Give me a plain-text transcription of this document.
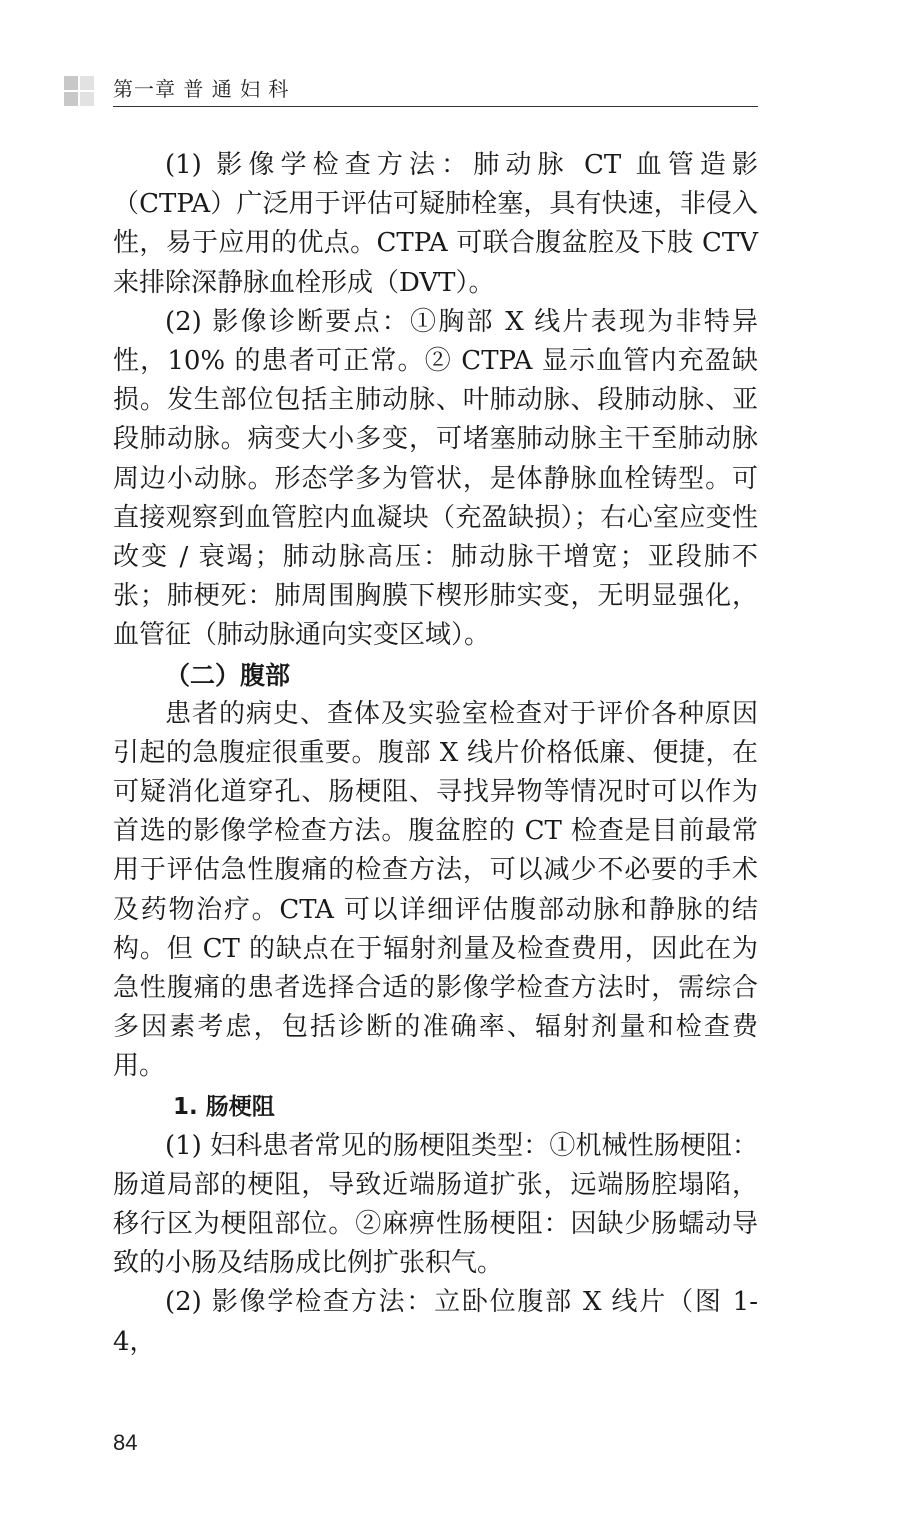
第一章 普 通 妇 科

(1) 影像学检查方法：肺动脉 CT 血管造影（CTPA）广泛用于评估可疑肺栓塞，具有快速，非侵入性，易于应用的优点。CTPA 可联合腹盆腔及下肢 CTV 来排除深静脉血栓形成（DVT）。

(2) 影像诊断要点：①胸部 X 线片表现为非特异性，10% 的患者可正常。② CTPA 显示血管内充盈缺损。发生部位包括主肺动脉、叶肺动脉、段肺动脉、亚段肺动脉。病变大小多变，可堵塞肺动脉主干至肺动脉周边小动脉。形态学多为管状，是体静脉血栓铸型。可直接观察到血管腔内血凝块（充盈缺损）；右心室应变性改变 / 衰竭；肺动脉高压：肺动脉干增宽；亚段肺不张；肺梗死：肺周围胸膜下楔形肺实变，无明显强化，血管征（肺动脉通向实变区域）。

（二）腹部

患者的病史、查体及实验室检查对于评价各种原因引起的急腹症很重要。腹部 X 线片价格低廉、便捷，在可疑消化道穿孔、肠梗阻、寻找异物等情况时可以作为首选的影像学检查方法。腹盆腔的 CT 检查是目前最常用于评估急性腹痛的检查方法，可以减少不必要的手术及药物治疗。CTA 可以详细评估腹部动脉和静脉的结构。但 CT 的缺点在于辐射剂量及检查费用，因此在为急性腹痛的患者选择合适的影像学检查方法时，需综合多因素考虑，包括诊断的准确率、辐射剂量和检查费用。

1. 肠梗阻

(1) 妇科患者常见的肠梗阻类型：①机械性肠梗阻：肠道局部的梗阻，导致近端肠道扩张，远端肠腔塌陷，移行区为梗阻部位。②麻痹性肠梗阻：因缺少肠蠕动导致的小肠及结肠成比例扩张积气。

(2) 影像学检查方法：立卧位腹部 X 线片（图 1-4，

84
